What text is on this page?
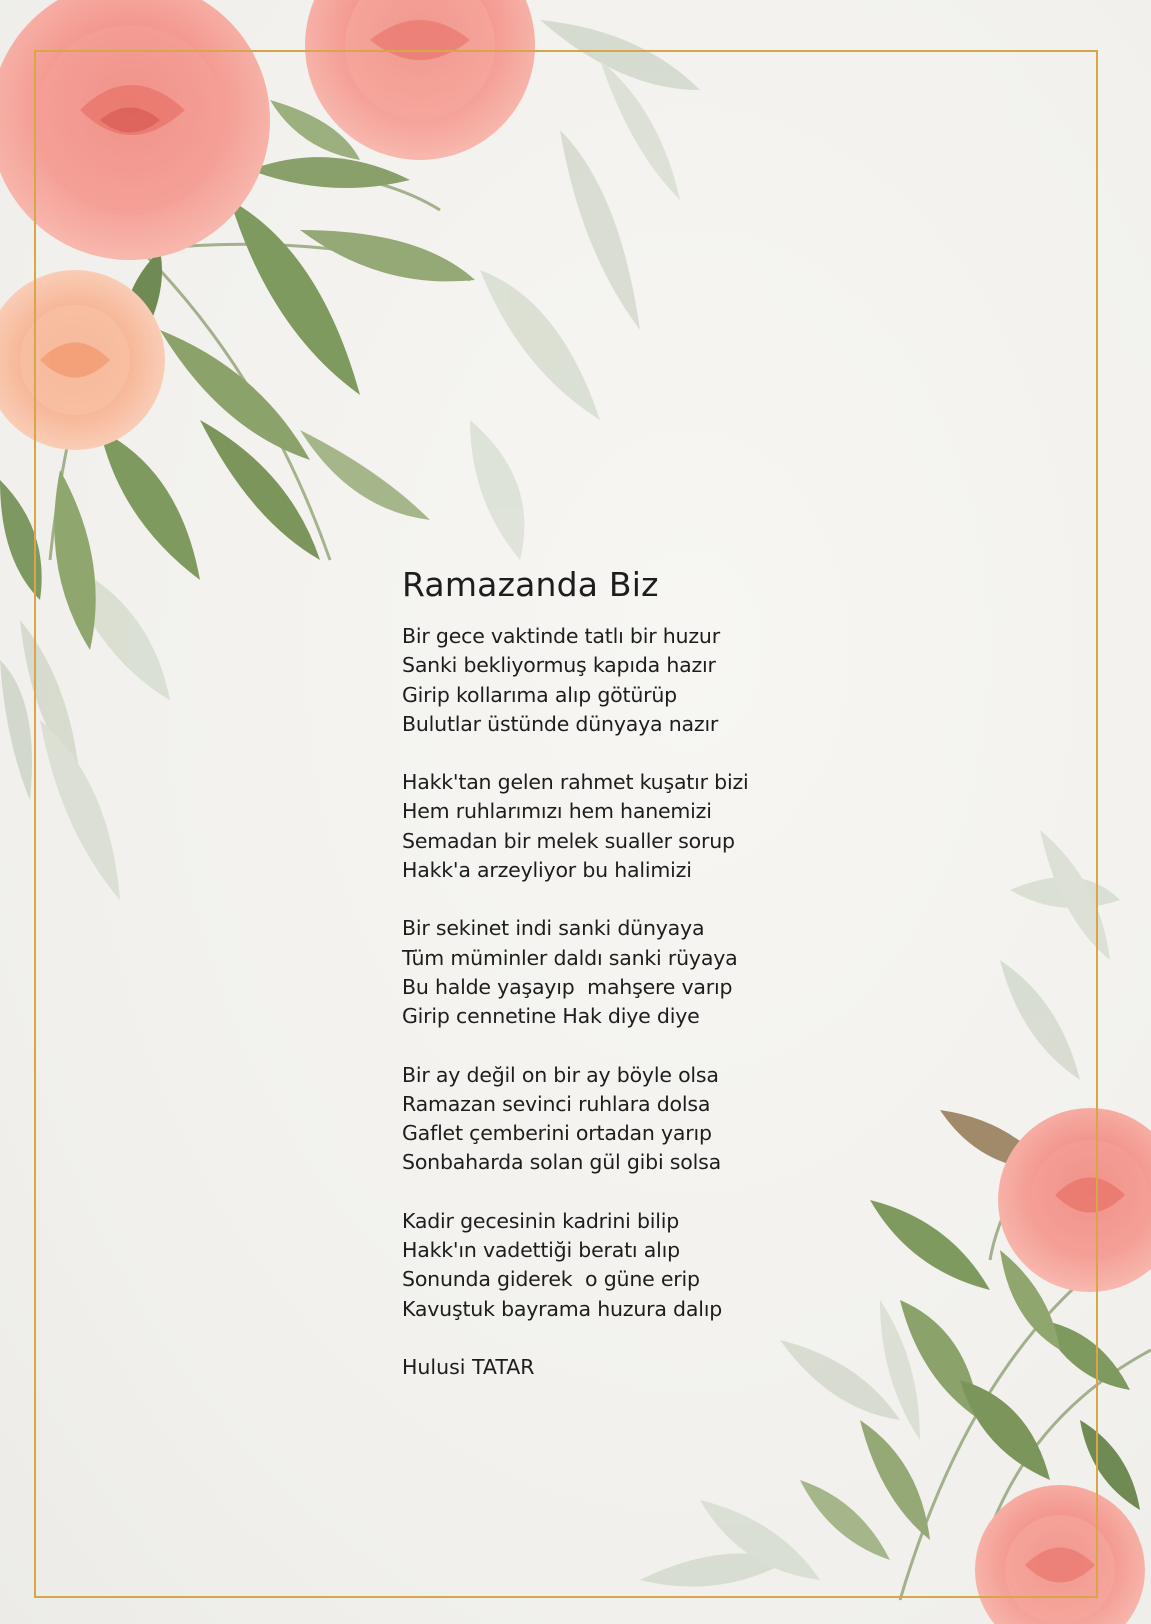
Ramazanda Biz
Bir gece vaktinde tatlı bir huzur
Sanki bekliyormuş kapıda hazır
Girip kollarıma alıp götürüp
Bulutlar üstünde dünyaya nazır
Hakk'tan gelen rahmet kuşatır bizi
Hem ruhlarımızı hem hanemizi
Semadan bir melek sualler sorup
Hakk'a arzeyliyor bu halimizi
Bir sekinet indi sanki dünyaya
Tüm müminler daldı sanki rüyaya
Bu halde yaşayıp  mahşere varıp
Girip cennetine Hak diye diye
Bir ay değil on bir ay böyle olsa
Ramazan sevinci ruhlara dolsa
Gaflet çemberini ortadan yarıp
Sonbaharda solan gül gibi solsa
Kadir gecesinin kadrini bilip
Hakk'ın vadettiği beratı alıp
Sonunda giderek  o güne erip
Kavuştuk bayrama huzura dalıp
Hulusi TATAR
